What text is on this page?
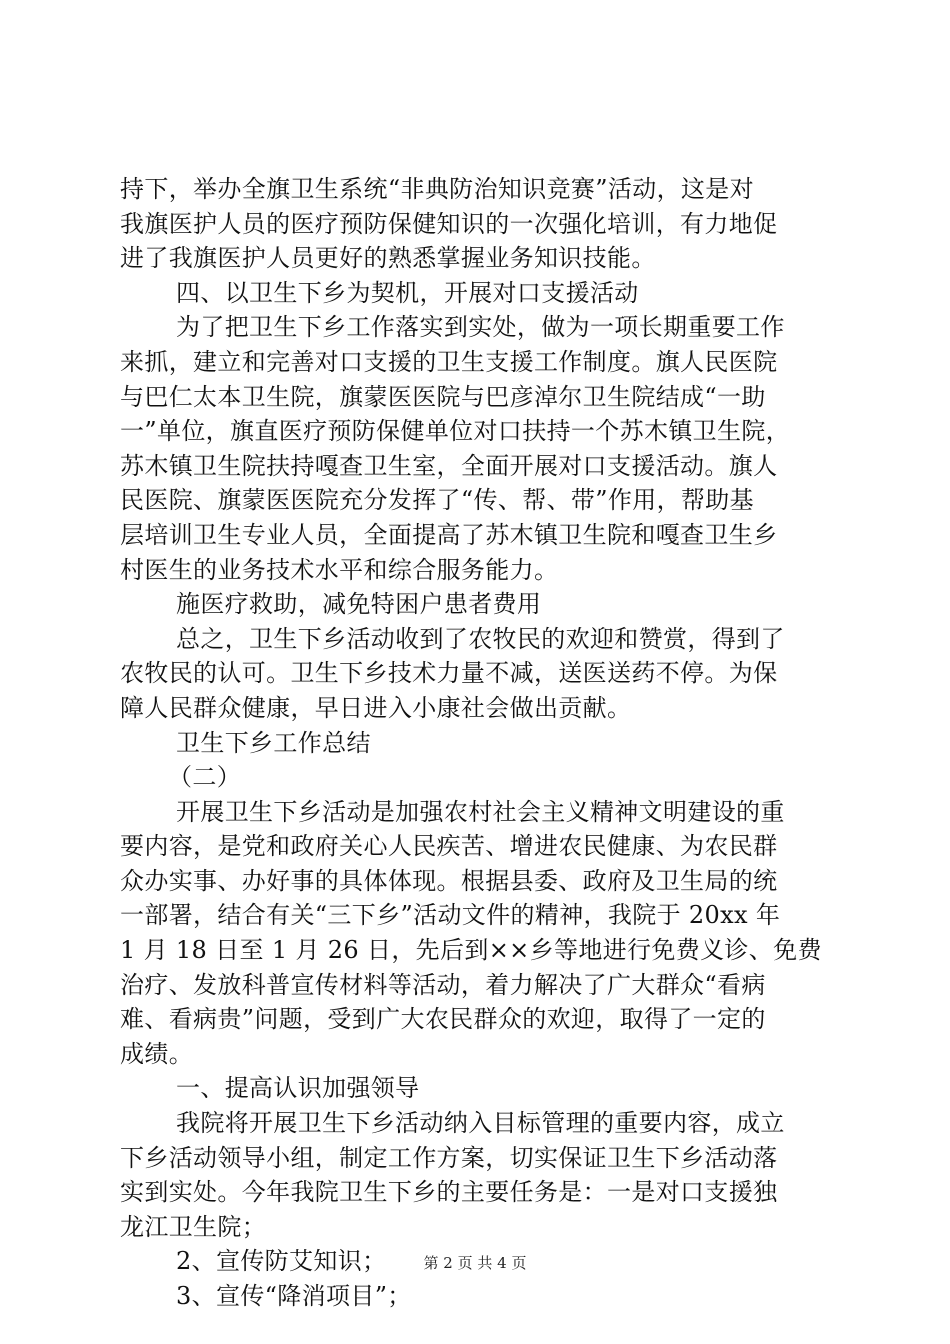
持下，举办全旗卫生系统“非典防治知识竞赛”活动，这是对
我旗医护人员的医疗预防保健知识的一次强化培训，有力地促
进了我旗医护人员更好的熟悉掌握业务知识技能。
四、以卫生下乡为契机，开展对口支援活动
为了把卫生下乡工作落实到实处，做为一项长期重要工作
来抓，建立和完善对口支援的卫生支援工作制度。旗人民医院
与巴仁太本卫生院，旗蒙医医院与巴彦淖尔卫生院结成“一助
一”单位，旗直医疗预防保健单位对口扶持一个苏木镇卫生院，
苏木镇卫生院扶持嘎查卫生室，全面开展对口支援活动。旗人
民医院、旗蒙医医院充分发挥了“传、帮、带”作用，帮助基
层培训卫生专业人员，全面提高了苏木镇卫生院和嘎查卫生乡
村医生的业务技术水平和综合服务能力。
施医疗救助，减免特困户患者费用
总之，卫生下乡活动收到了农牧民的欢迎和赞赏，得到了
农牧民的认可。卫生下乡技术力量不减，送医送药不停。为保
障人民群众健康，早日进入小康社会做出贡献。
卫生下乡工作总结
（二）
开展卫生下乡活动是加强农村社会主义精神文明建设的重
要内容，是党和政府关心人民疾苦、增进农民健康、为农民群
众办实事、办好事的具体体现。根据县委、政府及卫生局的统
一部署，结合有关“三下乡”活动文件的精神，我院于 20xx 年
1 月 18 日至 1 月 26 日，先后到××乡等地进行免费义诊、免费
治疗、发放科普宣传材料等活动，着力解决了广大群众“看病
难、看病贵”问题，受到广大农民群众的欢迎，取得了一定的
成绩。
一、提高认识加强领导
我院将开展卫生下乡活动纳入目标管理的重要内容，成立
下乡活动领导小组，制定工作方案，切实保证卫生下乡活动落
实到实处。今年我院卫生下乡的主要任务是：一是对口支援独
龙江卫生院；
2、宣传防艾知识；
3、宣传“降消项目”；
第 2 页 共 4 页
